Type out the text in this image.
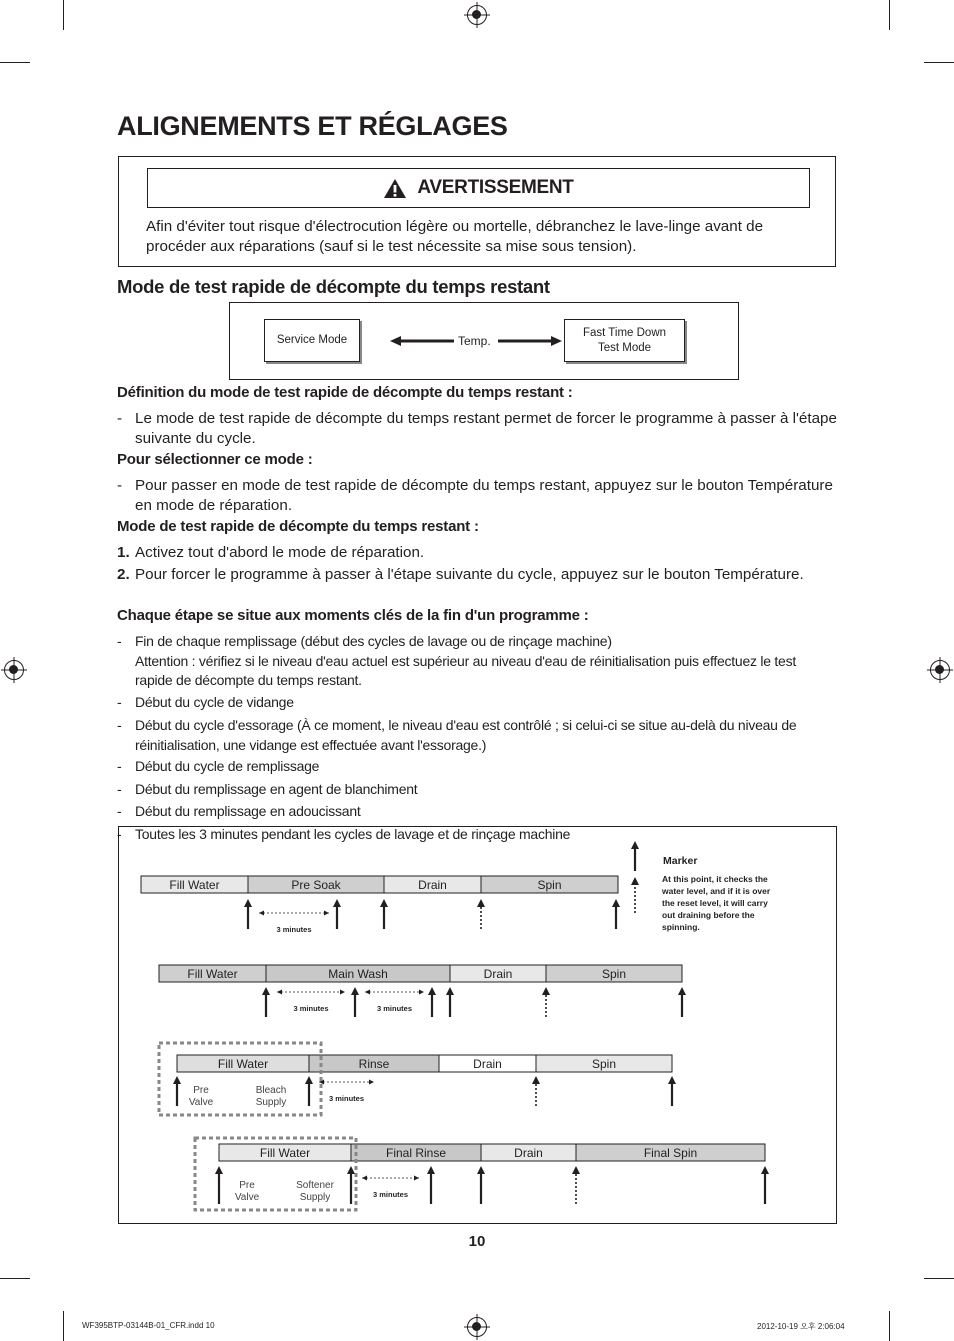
ALIGNEMENTS ET RÉGLAGES
AVERTISSEMENT
Afin d'éviter tout risque d'électrocution légère ou mortelle, débranchez le lave-linge avant de procéder aux réparations (sauf si le test nécessite sa mise sous tension).
Mode de test rapide de décompte du temps restant
Service Mode	Temp.
Fast Time Down Test Mode
Définition du mode de test rapide de décompte du temps restant :
- Le mode de test rapide de décompte du temps restant permet de forcer le programme à passer à l'étape suivante du cycle.
Pour sélectionner ce mode :
- Pour passer en mode de test rapide de décompte du temps restant, appuyez sur le bouton Température en mode de réparation.
Mode de test rapide de décompte du temps restant :
1. Activez tout d'abord le mode de réparation.
2. Pour forcer le programme à passer à l'étape suivante du cycle, appuyez sur le bouton Température.
Chaque étape se situe aux moments clés de la fin d'un programme :
- Fin de chaque remplissage (début des cycles de lavage ou de rinçage machine)
Attention : vérifiez si le niveau d'eau actuel est supérieur au niveau d'eau de réinitialisation puis effectuez le test rapide de décompte du temps restant.
- Début du cycle de vidange
- Début du cycle d'essorage (À ce moment, le niveau d'eau est contrôlé ; si celui-ci se situe au-delà du niveau de réinitialisation, une vidange est effectuée avant l'essorage.)
- Début du cycle de remplissage
- Début du remplissage en agent de blanchiment
- Début du remplissage en adoucissant
Fill Water	Pre Soak	Drain	Spin
Fill Water	Main Wash	Drain	Spin
Fill Water	Rinse	Drain	Spin
Fill Water	Final Rinse	Drain	Final Spin
3 minutes
3 minutes	3 minutes
3 minutes
3 minutes
Pre
Valve
Bleach
Supply
Pre
Valve
Softener
Supply
Marker
At this point, it checks the
water level, and if it is over
the reset level, it will carry
out draining before the
spinning.
- Toutes les 3 minutes pendant les cycles de lavage et de rinçage machine
10
WF395BTP-03144B-01_CFR.indd 10	2012-10-19 오후 2:06:04
